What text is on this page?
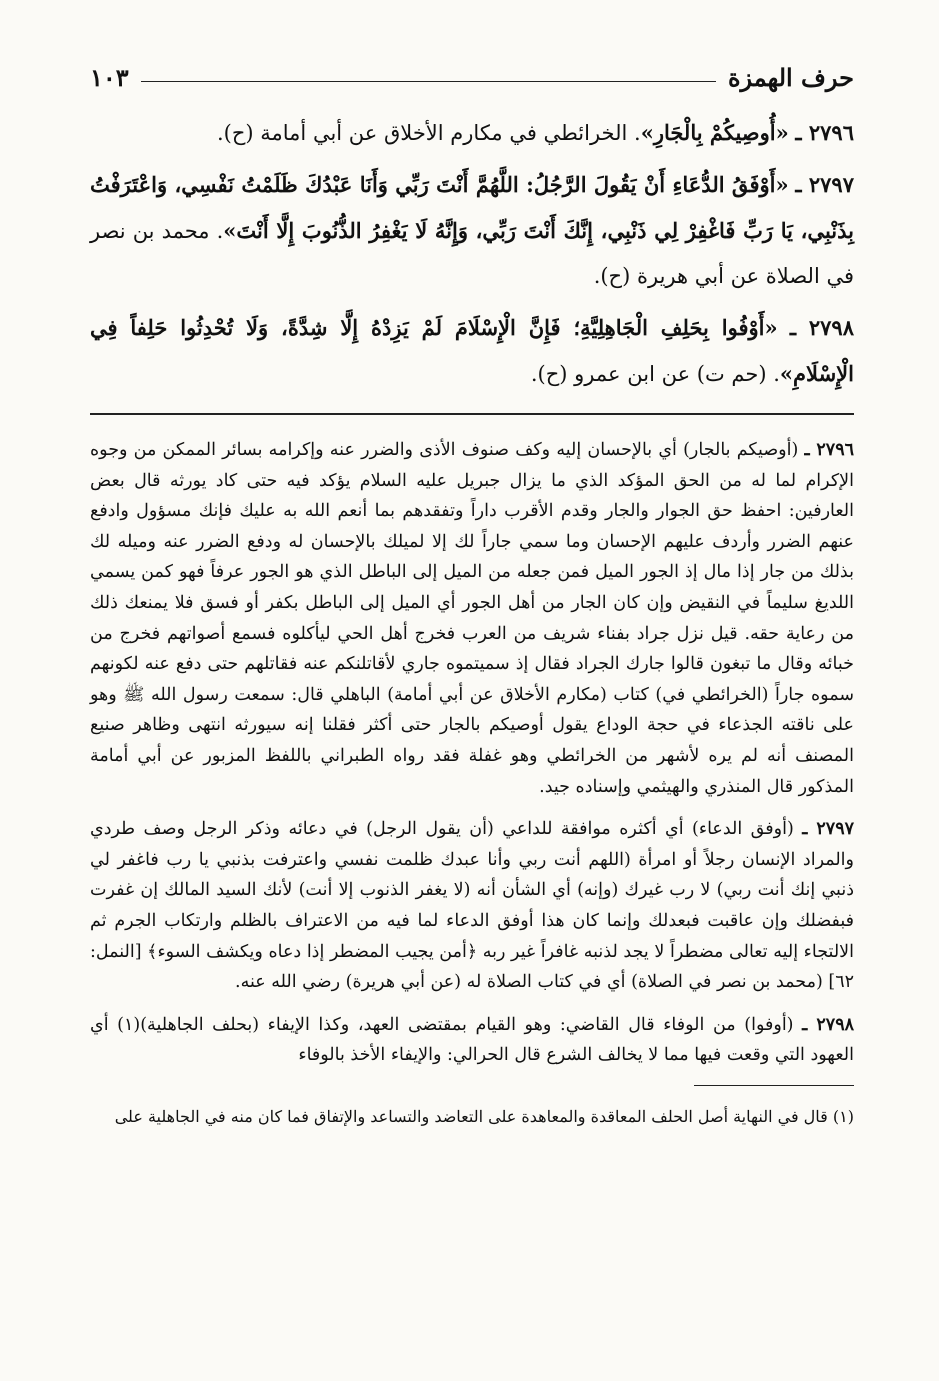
حرف الهمزة
١٠٣

٢٧٩٦ ـ «أُوصِيكُمْ بِالْجَارِ». الخرائطي في مكارم الأخلاق عن أبي أمامة (ح).

٢٧٩٧ ـ «أَوْفَقُ الدُّعَاءِ أَنْ يَقُولَ الرَّجُلُ: اللَّهُمَّ أَنْتَ رَبِّي وَأَنَا عَبْدُكَ ظَلَمْتُ نَفْسِي، وَاعْتَرَفْتُ بِذَنْبِي، يَا رَبِّ فَاغْفِرْ لِي ذَنْبِي، إِنَّكَ أَنْتَ رَبِّي، وَإِنَّهُ لَا يَغْفِرُ الذُّنُوبَ إِلَّا أَنْتَ». محمد بن نصر في الصلاة عن أبي هريرة (ح).

٢٧٩٨ ـ «أَوْفُوا بِحَلِفِ الْجَاهِلِيَّةِ؛ فَإِنَّ الْإِسْلَامَ لَمْ يَزِدْهُ إِلَّا شِدَّةً، وَلَا تُحْدِثُوا حَلِفاً فِي الْإِسْلَامِ». (حم ت) عن ابن عمرو (ح).

٢٧٩٦ ـ (أوصيكم بالجار) أي بالإحسان إليه وكف صنوف الأذى والضرر عنه وإكرامه بسائر الممكن من وجوه الإكرام لما له من الحق المؤكد الذي ما يزال جبريل عليه السلام يؤكد فيه حتى كاد يورثه قال بعض العارفين: احفظ حق الجوار والجار وقدم الأقرب داراً وتفقدهم بما أنعم الله به عليك فإنك مسؤول وادفع عنهم الضرر وأردف عليهم الإحسان وما سمي جاراً لك إلا لميلك بالإحسان له ودفع الضرر عنه وميله لك بذلك من جار إذا مال إذ الجور الميل فمن جعله من الميل إلى الباطل الذي هو الجور عرفاً فهو كمن يسمي اللديغ سليماً في النقيض وإن كان الجار من أهل الجور أي الميل إلى الباطل بكفر أو فسق فلا يمنعك ذلك من رعاية حقه. قيل نزل جراد بفناء شريف من العرب فخرج أهل الحي ليأكلوه فسمع أصواتهم فخرج من خبائه وقال ما تبغون قالوا جارك الجراد فقال إذ سميتموه جاري لأقاتلنكم عنه فقاتلهم حتى دفع عنه لكونهم سموه جاراً (الخرائطي في) كتاب (مكارم الأخلاق عن أبي أمامة) الباهلي قال: سمعت رسول الله ﷺ وهو على ناقته الجذعاء في حجة الوداع يقول أوصيكم بالجار حتى أكثر فقلنا إنه سيورثه انتهى وظاهر صنيع المصنف أنه لم يره لأشهر من الخرائطي وهو غفلة فقد رواه الطبراني باللفظ المزبور عن أبي أمامة المذكور قال المنذري والهيثمي وإسناده جيد.

٢٧٩٧ ـ (أوفق الدعاء) أي أكثره موافقة للداعي (أن يقول الرجل) في دعائه وذكر الرجل وصف طردي والمراد الإنسان رجلاً أو امرأة (اللهم أنت ربي وأنا عبدك ظلمت نفسي واعترفت بذنبي يا رب فاغفر لي ذنبي إنك أنت ربي) لا رب غيرك (وإنه) أي الشأن أنه (لا يغفر الذنوب إلا أنت) لأنك السيد المالك إن غفرت فبفضلك وإن عاقبت فبعدلك وإنما كان هذا أوفق الدعاء لما فيه من الاعتراف بالظلم وارتكاب الجرم ثم الالتجاء إليه تعالى مضطراً لا يجد لذنبه غافراً غير ربه ﴿أمن يجيب المضطر إذا دعاه ويكشف السوء﴾ [النمل: ٦٢] (محمد بن نصر في الصلاة) أي في كتاب الصلاة له (عن أبي هريرة) رضي الله عنه.

٢٧٩٨ ـ (أوفوا) من الوفاء قال القاضي: وهو القيام بمقتضى العهد، وكذا الإيفاء (بحلف الجاهلية)(١) أي العهود التي وقعت فيها مما لا يخالف الشرع قال الحرالي: والإيفاء الأخذ بالوفاء

(١) قال في النهاية أصل الحلف المعاقدة والمعاهدة على التعاضد والتساعد والإتفاق فما كان منه في الجاهلية على
